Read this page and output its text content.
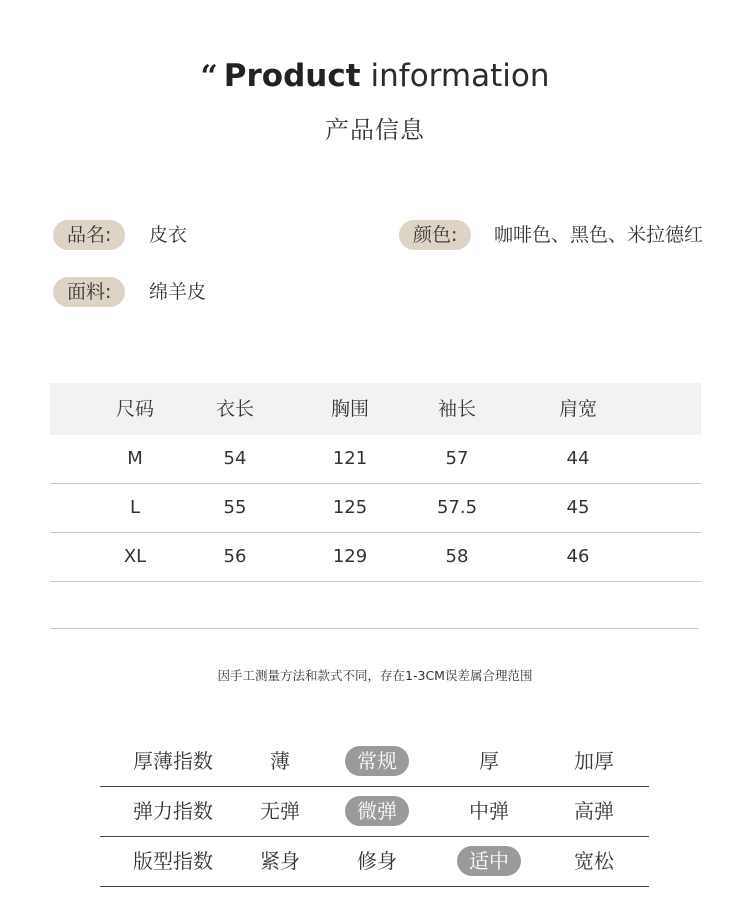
“ Product information
产品信息
品名:	皮衣	颜色:	咖啡色、黑色、米拉德红
面料:	绵羊皮
尺码	衣长	胸围	袖长	肩宽
M	54	121	57	44
L	55	125	57.5	45
XL	56	129	58	46
因手工测量方法和款式不同，存在1-3CM误差属合理范围
厚薄指数	薄	常规	厚	加厚
弹力指数	无弹	微弹	中弹	高弹
版型指数	紧身	修身	适中	宽松
